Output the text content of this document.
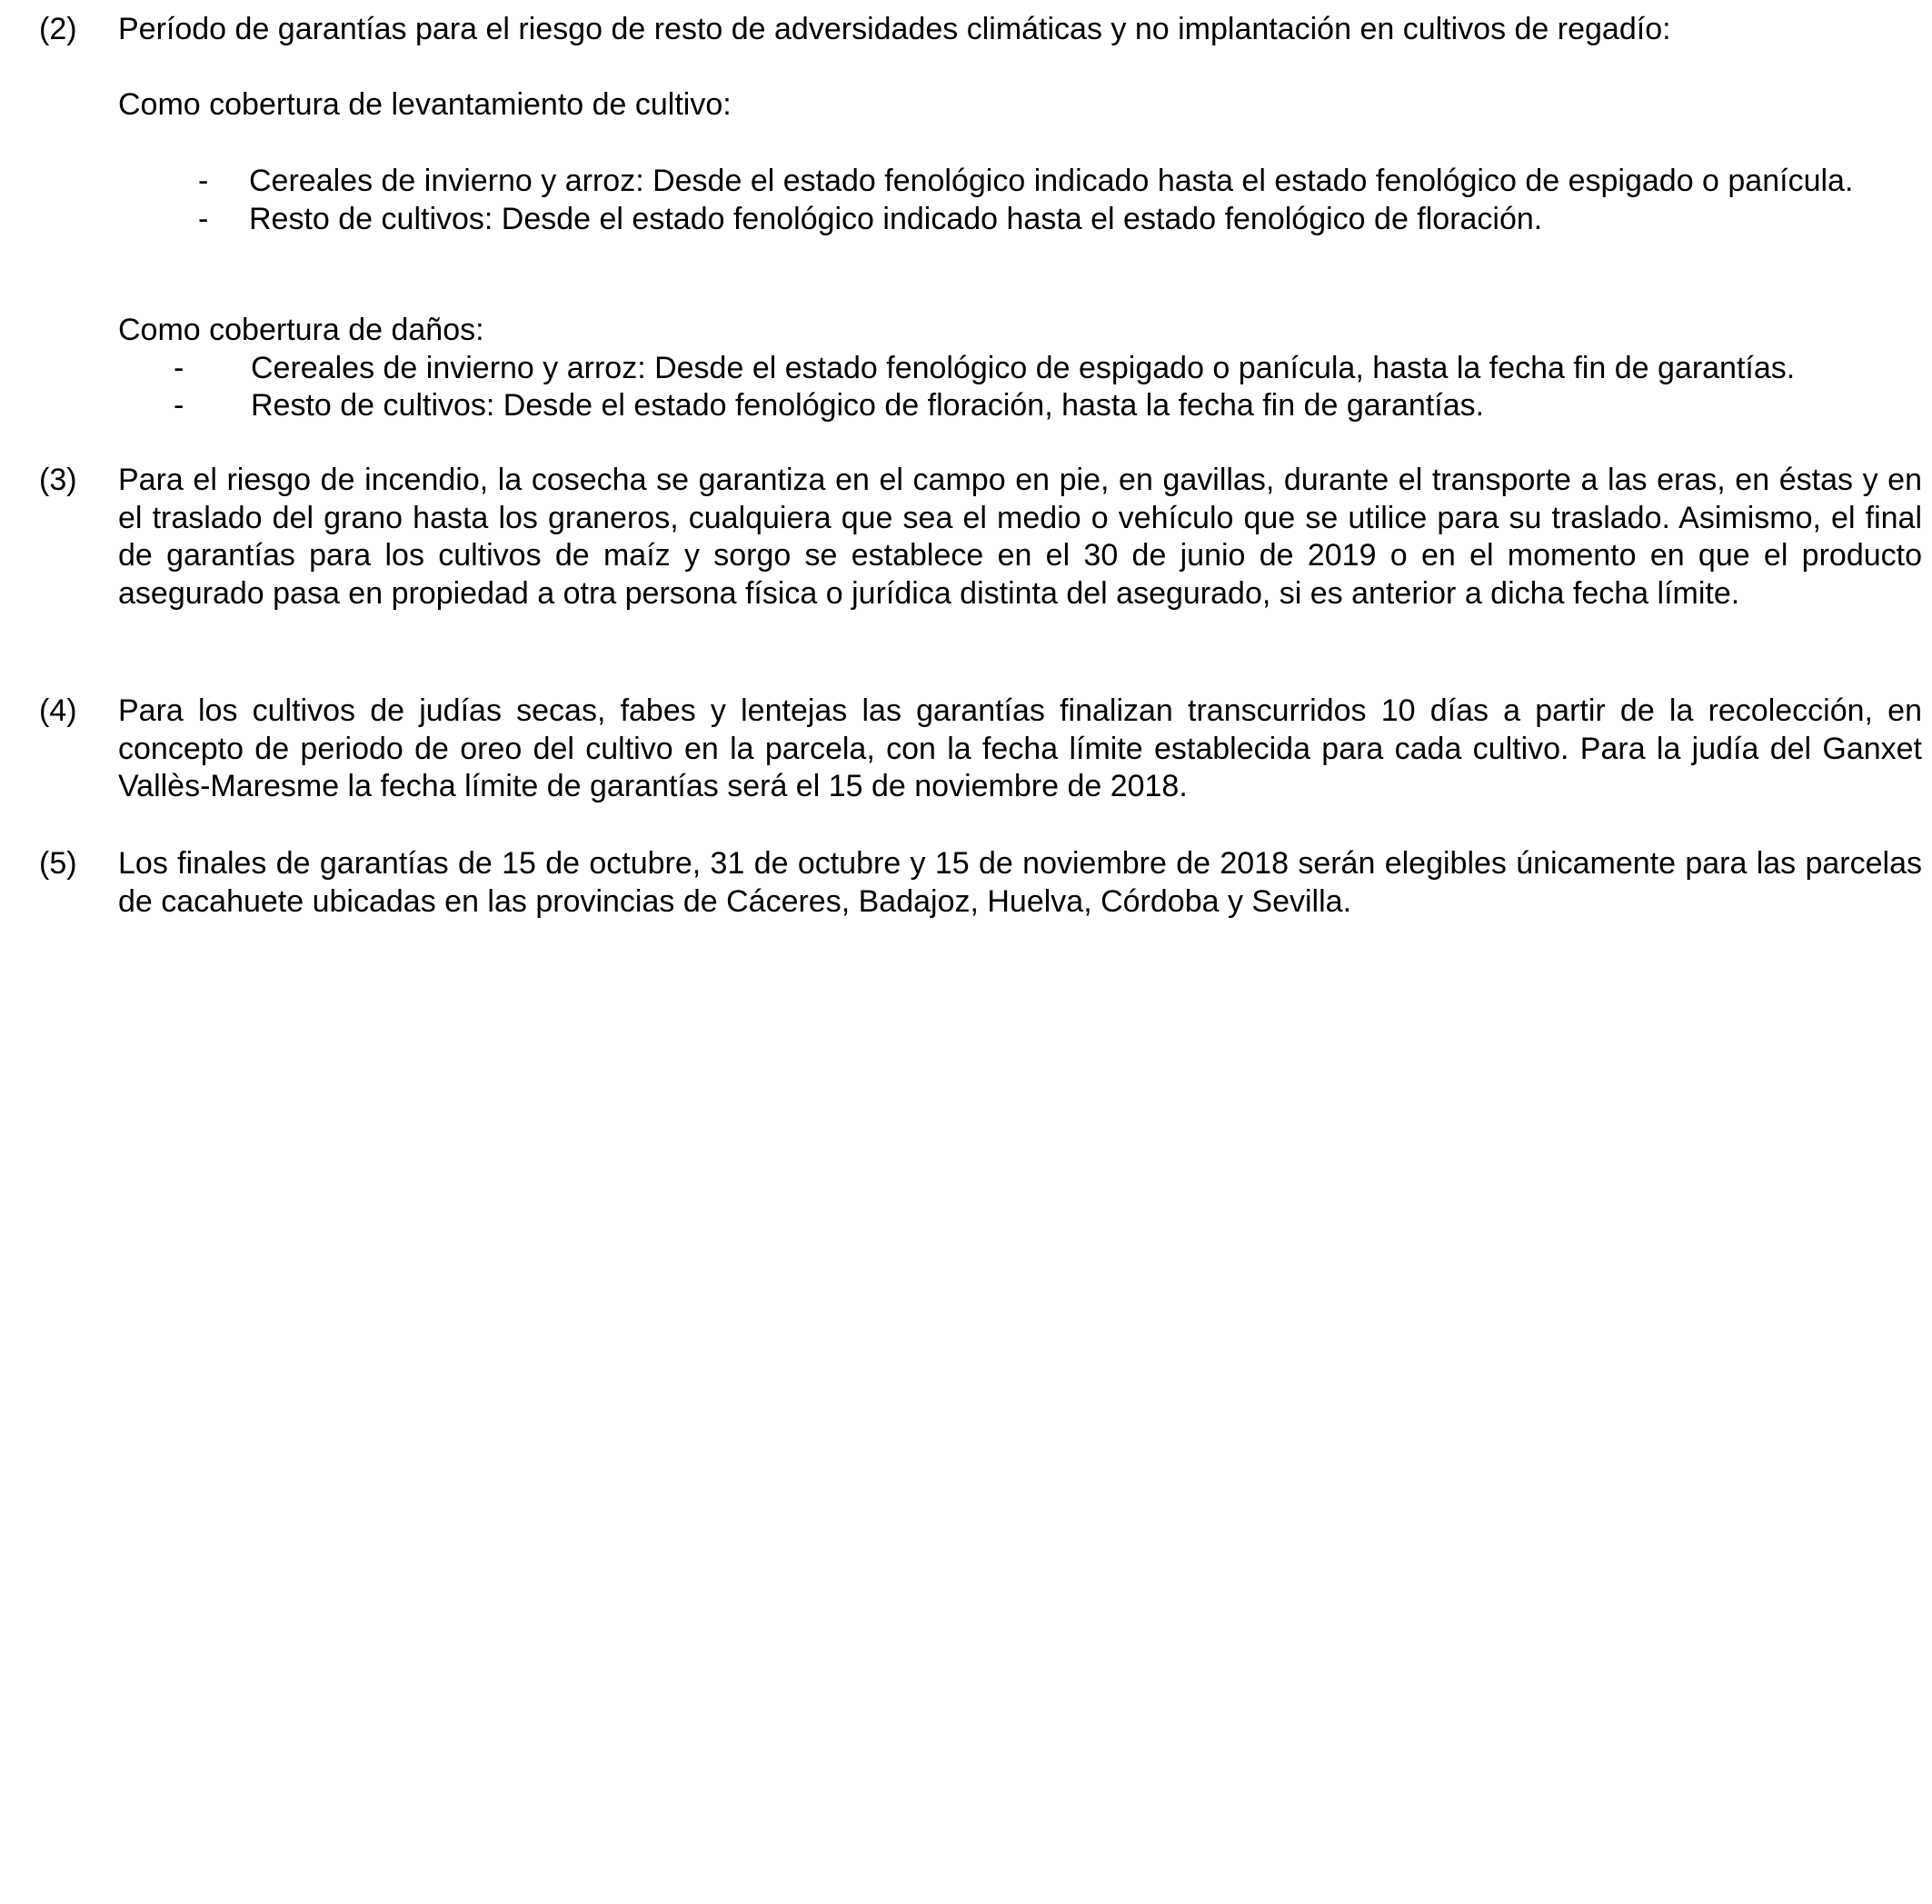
(2)	Período de garantías para el riesgo de resto de adversidades climáticas y no implantación en cultivos de regadío:
Como cobertura de levantamiento de cultivo:
- Cereales de invierno y arroz: Desde el estado fenológico indicado hasta el estado fenológico de espigado o panícula.
- Resto de cultivos: Desde el estado fenológico indicado hasta el estado fenológico de floración.
Como cobertura de daños:
- Cereales de invierno y arroz: Desde el estado fenológico de espigado o panícula, hasta la fecha fin de garantías.
- Resto de cultivos: Desde el estado fenológico de floración, hasta la fecha fin de garantías.
(3)	Para el riesgo de incendio, la cosecha se garantiza en el campo en pie, en gavillas, durante el transporte a las eras, en éstas y en el traslado del grano hasta los graneros, cualquiera que sea el medio o vehículo que se utilice para su traslado. Asimismo, el final de garantías para los cultivos de maíz y sorgo se establece en el 30 de junio de 2019 o en el momento en que el producto asegurado pasa en propiedad a otra persona física o jurídica distinta del asegurado, si es anterior a dicha fecha límite.
(4)	Para los cultivos de judías secas, fabes y lentejas las garantías finalizan transcurridos 10 días a partir de la recolección, en concepto de periodo de oreo del cultivo en la parcela, con la fecha límite establecida para cada cultivo. Para la judía del Ganxet Vallès-Maresme la fecha límite de garantías será el 15 de noviembre de 2018.
(5)	Los finales de garantías de 15 de octubre, 31 de octubre y 15 de noviembre de 2018 serán elegibles únicamente para las parcelas de cacahuete ubicadas en las provincias de Cáceres, Badajoz, Huelva, Córdoba y Sevilla.
